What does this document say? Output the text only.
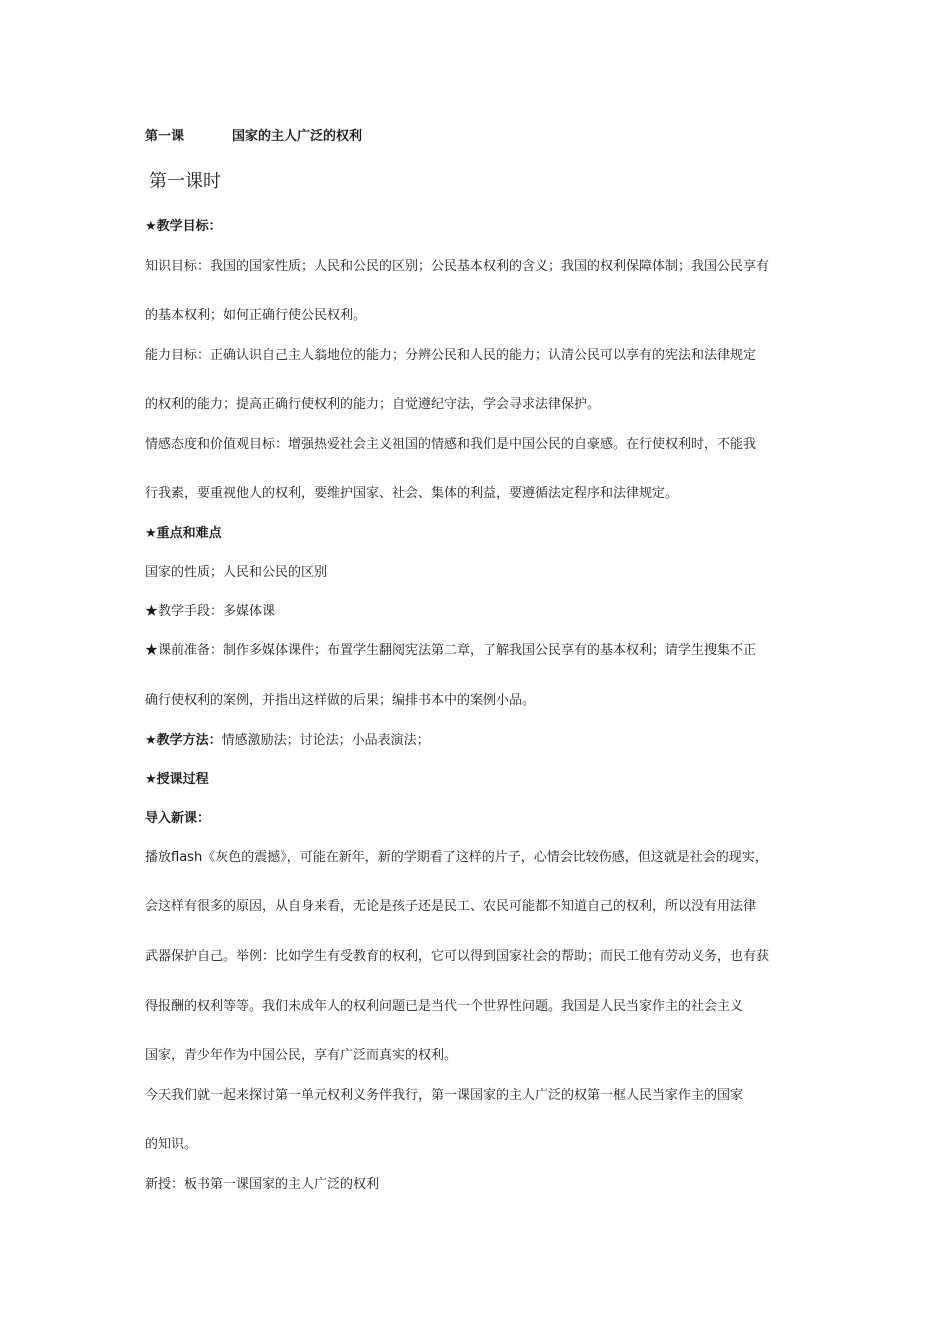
第一课	国家的主人广泛的权利
第一课时
★教学目标：
知识目标：我国的国家性质；人民和公民的区别；公民基本权利的含义；我国的权利保障体制；我国公民享有
的基本权利；如何正确行使公民权利。
能力目标：正确认识自己主人翁地位的能力；分辨公民和人民的能力；认清公民可以享有的宪法和法律规定
的权利的能力；提高正确行使权利的能力；自觉遵纪守法，学会寻求法律保护。
情感态度和价值观目标：增强热爱社会主义祖国的情感和我们是中国公民的自豪感。在行使权利时，不能我
行我素，要重视他人的权利，要维护国家、社会、集体的利益，要遵循法定程序和法律规定。
★重点和难点
国家的性质；人民和公民的区别
★教学手段：多媒体课
★课前准备：制作多媒体课件；布置学生翻阅宪法第二章，了解我国公民享有的基本权利；请学生搜集不正
确行使权利的案例，并指出这样做的后果；编排书本中的案例小品。
★教学方法：情感激励法；讨论法；小品表演法；
★授课过程
导入新课：
播放flash《灰色的震撼》，可能在新年，新的学期看了这样的片子，心情会比较伤感，但这就是社会的现实，
会这样有很多的原因，从自身来看，无论是孩子还是民工、农民可能都不知道自己的权利，所以没有用法律
武器保护自己。举例：比如学生有受教育的权利，它可以得到国家社会的帮助；而民工他有劳动义务，也有获
得报酬的权利等等。我们未成年人的权利问题已是当代一个世界性问题。我国是人民当家作主的社会主义
国家，青少年作为中国公民，享有广泛而真实的权利。
今天我们就一起来探讨第一单元权利义务伴我行，第一课国家的主人广泛的权第一框人民当家作主的国家
的知识。
新授：板书第一课国家的主人广泛的权利
